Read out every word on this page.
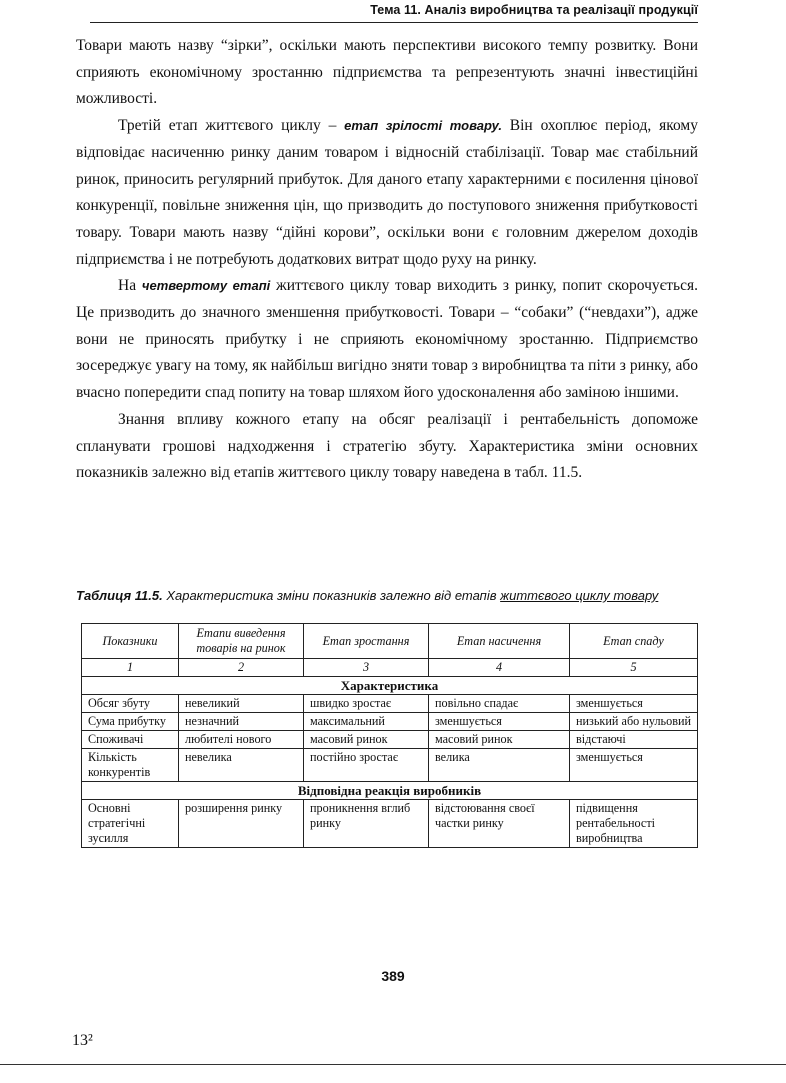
Тема 11. Аналіз виробництва та реалізації продукції

Товари мають назву “зірки”, оскільки мають перспективи високого темпу розвитку. Вони сприяють економічному зростанню підприємства та репрезентують значні інвестиційні можливості.

Третій етап життєвого циклу – етап зрілості товару. Він охоплює період, якому відповідає насиченню ринку даним товаром і відносній стабілізації. Товар має стабільний ринок, приносить регулярний прибуток. Для даного етапу характерними є посилення цінової конкуренції, повільне зниження цін, що призводить до поступового зниження прибутковості товару. Товари мають назву “дійні корови”, оскільки вони є головним джерелом доходів підприємства і не потребують додаткових витрат щодо руху на ринку.

На четвертому етапі життєвого циклу товар виходить з ринку, попит скорочується. Це призводить до значного зменшення прибутковості. Товари – “собаки” (“невдахи”), адже вони не приносять прибутку і не сприяють економічному зростанню. Підприємство зосереджує увагу на тому, як найбільш вигідно зняти товар з виробництва та піти з ринку, або вчасно попередити спад попиту на товар шляхом його удосконалення або заміною іншими.

Знання впливу кожного етапу на обсяг реалізації і рентабельність допоможе спланувати грошові надходження і стратегію збуту. Характеристика зміни основних показників залежно від етапів життєвого циклу товару наведена в табл. 11.5.

Таблиця 11.5. Характеристика зміни показників залежно від етапів життєвого циклу товару
Показники	Етапи виведення товарів на ринок	Етап зростання	Етап насичення	Етап спаду
1	2	3	4	5
Характеристика				
Обсяг збуту	невеликий	швидко зростає	повільно спадає	зменшується
Сума прибутку	незначний	максимальний	зменшується	низький або нульовий
Споживачі	любителі нового	масовий ринок	масовий ринок	відстаючі
Кількість конкурентів	невелика	постійно зростає	велика	зменшується
Відповідна реакція виробників				
Основні стратегічні зусилля	розширення ринку	проникнення вглиб ринку	відстоювання своєї частки ринку	підвищення рентабельності виробництва
389
13²
